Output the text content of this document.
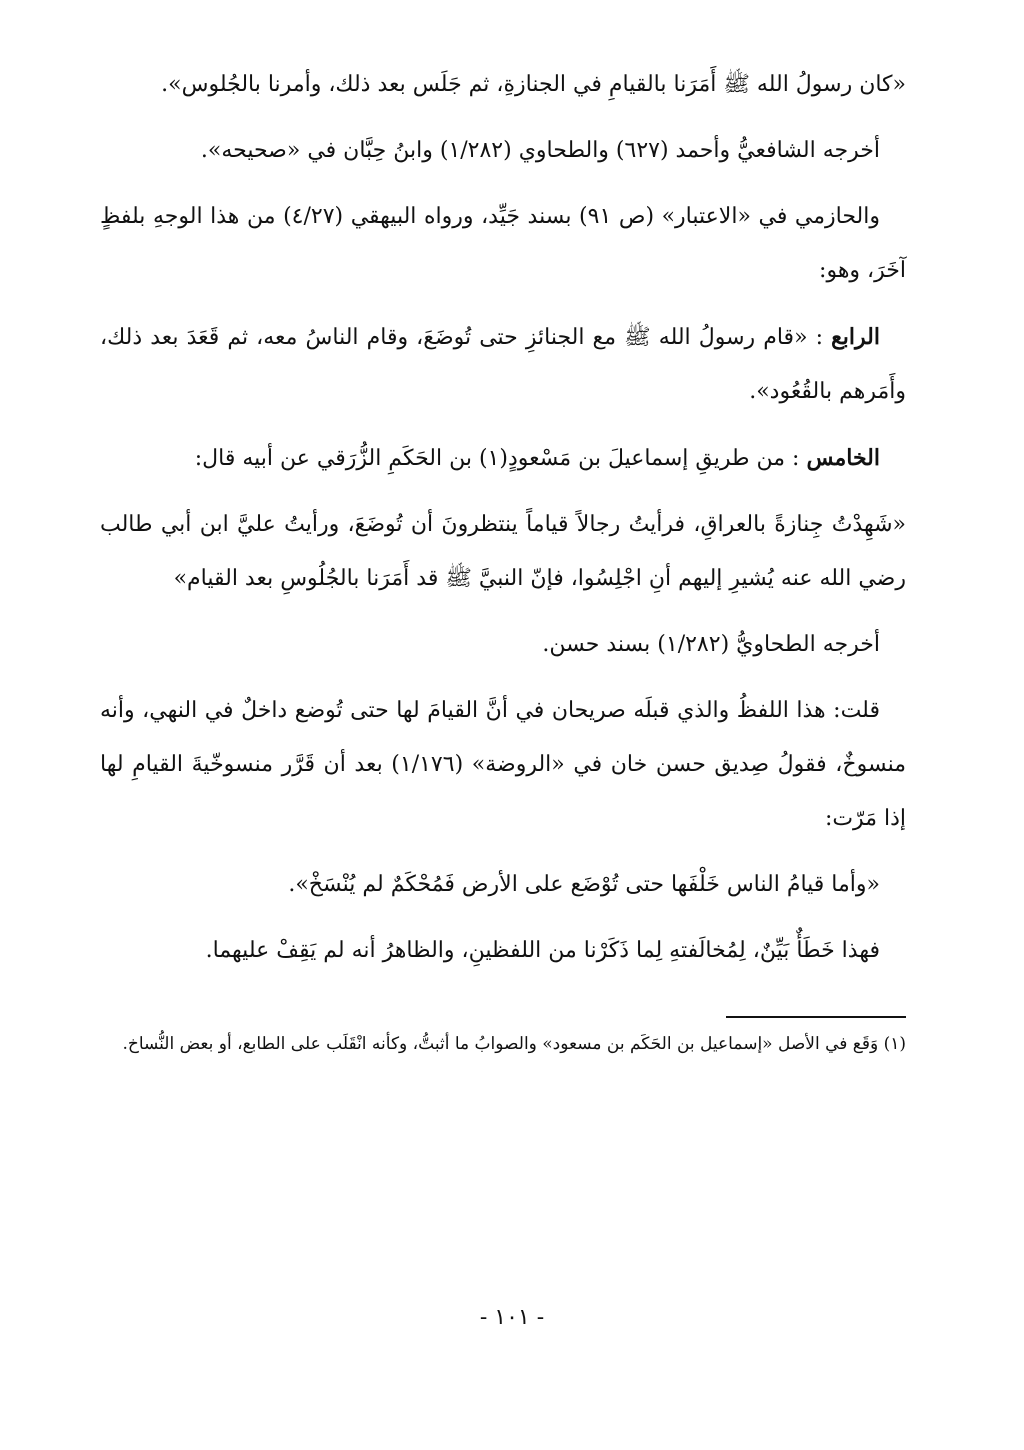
«كان رسولُ الله ﷺ أَمَرَنا بالقيامِ في الجنازةِ، ثم جَلَس بعد ذلك، وأمرنا بالجُلوس».

أخرجه الشافعيُّ وأحمد (٦٢٧) والطحاوي (١/٢٨٢) وابنُ حِبَّان في «صحيحه».

والحازمي في «الاعتبار» (ص ٩١) بسند جَيِّد، ورواه البيهقي (٤/٢٧) من هذا الوجهِ بلفظٍ آخَرَ، وهو:

الرابع : «قام رسولُ الله ﷺ مع الجنائزِ حتى تُوضَعَ، وقام الناسُ معه، ثم قَعَدَ بعد ذلك، وأَمَرهم بالقُعُود».

الخامس : من طريقِ إسماعيلَ بن مَسْعودٍ(١) بن الحَكَمِ الزُّرَقي عن أبيه قال:

«شَهِدْتُ جِنازةً بالعراقِ، فرأيتُ رجالاً قياماً ينتظرونَ أن تُوضَعَ، ورأيتُ عليَّ ابن أبي طالب رضي الله عنه يُشيرِ إليهم أنِ اجْلِسُوا، فإنّ النبيَّ ﷺ قد أَمَرَنا بالجُلُوسِ بعد القيام»

أخرجه الطحاويُّ (١/٢٨٢) بسند حسن.

قلت: هذا اللفظُ والذي قبلَه صريحان في أنَّ القيامَ لها حتى تُوضع داخلٌ في النهي، وأنه منسوخٌ، فقولُ صِديق حسن خان في «الروضة» (١/١٧٦) بعد أن قَرَّر منسوخّيةَ القيامِ لها إذا مَرّت:

«وأما قيامُ الناس خَلْفَها حتى تُوْضَع على الأرض فَمُحْكَمٌ لم يُنْسَخْ».

فهذا خَطَأٌ بَيِّنٌ، لِمُخالَفتهِ لِما ذَكَرْنا من اللفظينِ، والظاهرُ أنه لم يَقِفْ عليهما.

(١) وَقَع في الأصل «إسماعيل بن الحَكَم بن مسعود» والصوابُ ما أثبتُّ، وكأنه انْقَلَب على الطابع، أو بعض النُّساخ.

- ١٠١ -
